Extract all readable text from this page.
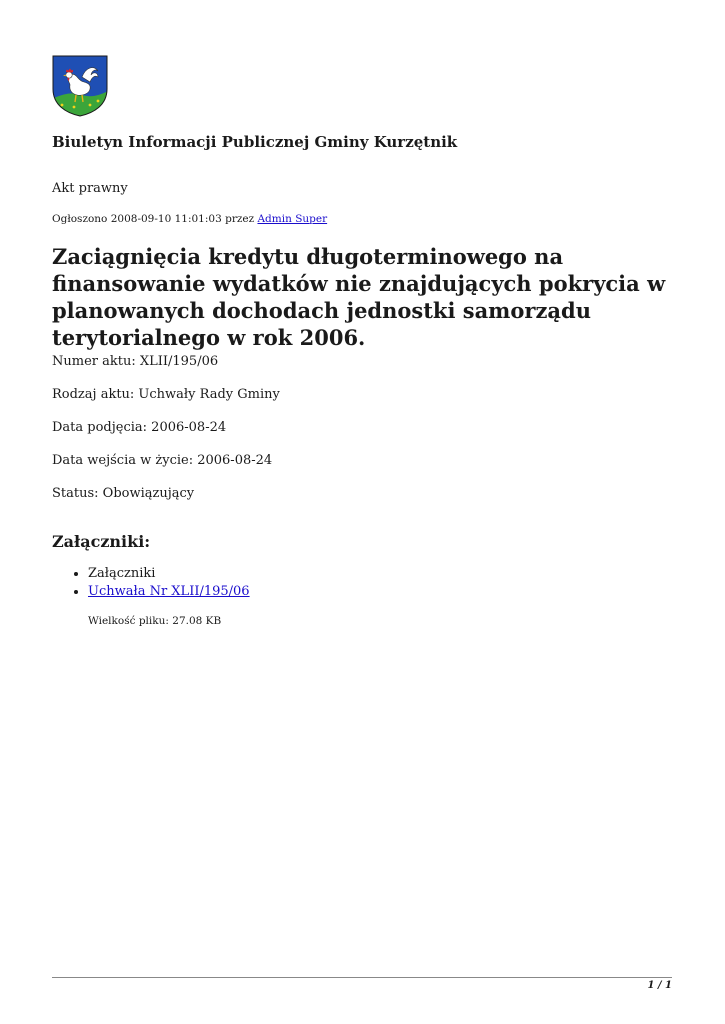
Biuletyn Informacji Publicznej Gminy Kurzętnik

Akt prawny

Ogłoszono 2008-09-10 11:01:03 przez Admin Super

Zaciągnięcia kredytu długoterminowego na finansowanie wydatków nie znajdujących pokrycia w planowanych dochodach jednostki samorządu terytorialnego w rok 2006.

Numer aktu: XLII/195/06

Rodzaj aktu: Uchwały Rady Gminy

Data podjęcia: 2006-08-24

Data wejścia w życie: 2006-08-24

Status: Obowiązujący

Załączniki:
• Załączniki
• Uchwała Nr XLII/195/06

Wielkość pliku: 27.08 KB

1 / 1
